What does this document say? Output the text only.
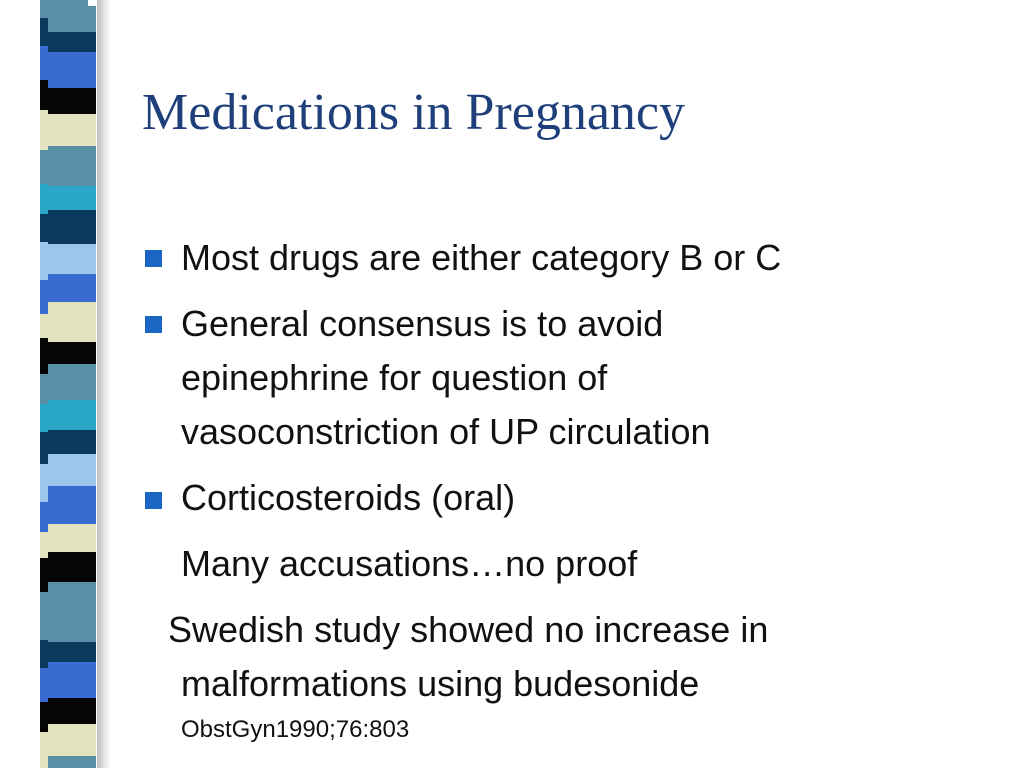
Medications in Pregnancy
Most drugs are either category B or C
General consensus is to avoid
epinephrine for question of
vasoconstriction of UP circulation
Corticosteroids (oral)
Many accusations…no proof
Swedish study showed no increase in
malformations using budesonide
ObstGyn1990;76:803
